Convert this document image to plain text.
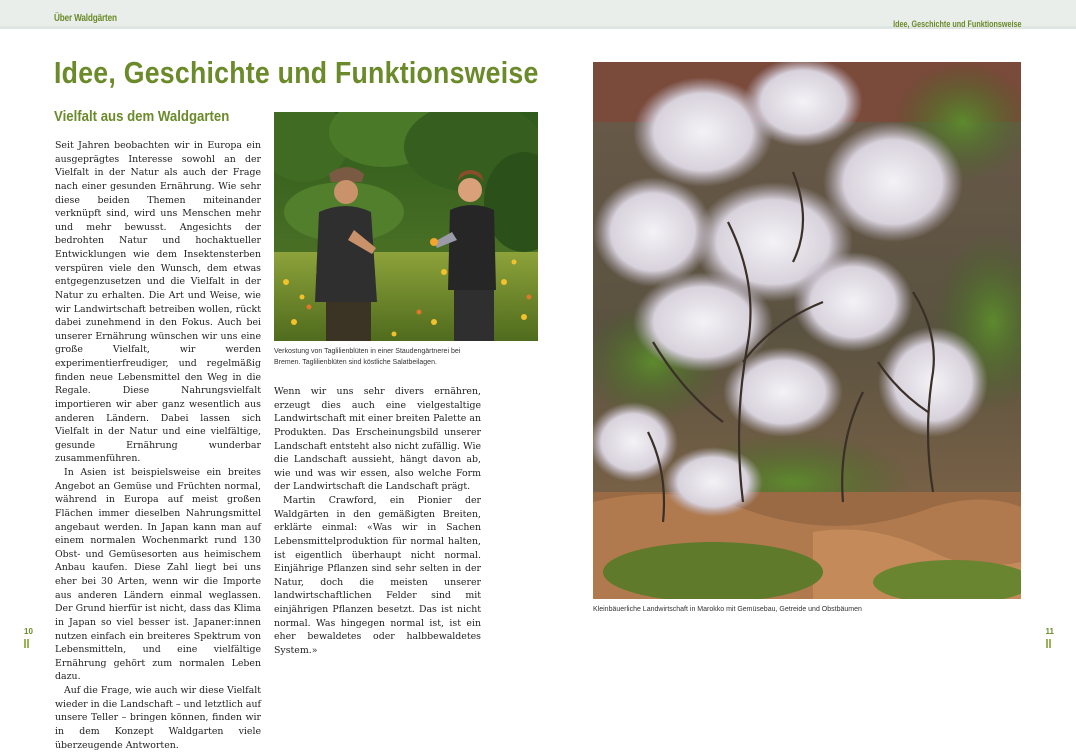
Über Waldgärten	Idee, Geschichte und Funktionsweise
Idee, Geschichte und Funktionsweise
Vielfalt aus dem Waldgarten

Seit Jahren beobachten wir in Europa ein ausgeprägtes Interesse sowohl an der Vielfalt in der Natur als auch der Frage nach einer gesunden Ernährung. Wie sehr diese beiden Themen miteinander verknüpft sind, wird uns Menschen mehr und mehr bewusst. Angesichts der bedrohten Natur und hochaktueller Entwicklungen wie dem Insektensterben verspüren viele den Wunsch, dem etwas entgegenzusetzen und die Vielfalt in der Natur zu erhalten. Die Art und Weise, wie wir Landwirtschaft betreiben wollen, rückt dabei zunehmend in den Fokus. Auch bei unserer Ernährung wünschen wir uns eine große Vielfalt, wir werden experimentierfreudiger, und regelmäßig finden neue Lebensmittel den Weg in die Regale. Diese Nahrungsvielfalt importieren wir aber ganz wesentlich aus anderen Ländern. Dabei lassen sich Vielfalt in der Natur und eine vielfältige, gesunde Ernährung wunderbar zusammenführen.

In Asien ist beispielsweise ein breites Angebot an Gemüse und Früchten normal, während in Europa auf meist großen Flächen immer dieselben Nahrungsmittel angebaut werden. In Japan kann man auf einem normalen Wochenmarkt rund 130 Obst- und Gemüsesorten aus heimischem Anbau kaufen. Diese Zahl liegt bei uns eher bei 30 Arten, wenn wir die Importe aus anderen Ländern einmal weglassen. Der Grund hierfür ist nicht, dass das Klima in Japan so viel besser ist. Japaner:innen nutzen einfach ein breiteres Spektrum von Lebensmitteln, und eine vielfältige Ernährung gehört zum normalen Leben dazu.

Auf die Frage, wie auch wir diese Vielfalt wieder in die Landschaft – und letztlich auf unsere Teller – bringen können, finden wir in dem Konzept Waldgarten viele überzeugende Antworten.

Verkostung von Taglilienblüten in einer Staudengärtnerei bei Bremen. Taglilienblüten sind köstliche Salatbeilagen.

Wenn wir uns sehr divers ernähren, erzeugt dies auch eine vielgestaltige Landwirtschaft mit einer breiten Palette an Produkten. Das Erscheinungsbild unserer Landschaft entsteht also nicht zufällig. Wie die Landschaft aussieht, hängt davon ab, wie und was wir essen, also welche Form der Landwirtschaft die Landschaft prägt.

Martin Crawford, ein Pionier der Waldgärten in den gemäßigten Breiten, erklärte einmal: «Was wir in Sachen Lebensmittelproduktion für normal halten, ist eigentlich überhaupt nicht normal. Einjährige Pflanzen sind sehr selten in der Natur, doch die meisten unserer landwirtschaftlichen Felder sind mit einjährigen Pflanzen besetzt. Das ist nicht normal. Was hingegen normal ist, ist ein eher bewaldetes oder halbbewaldetes System.»

Kleinbäuerliche Landwirtschaft in Marokko mit Gemüsebau, Getreide und Obstbäumen
10	11
